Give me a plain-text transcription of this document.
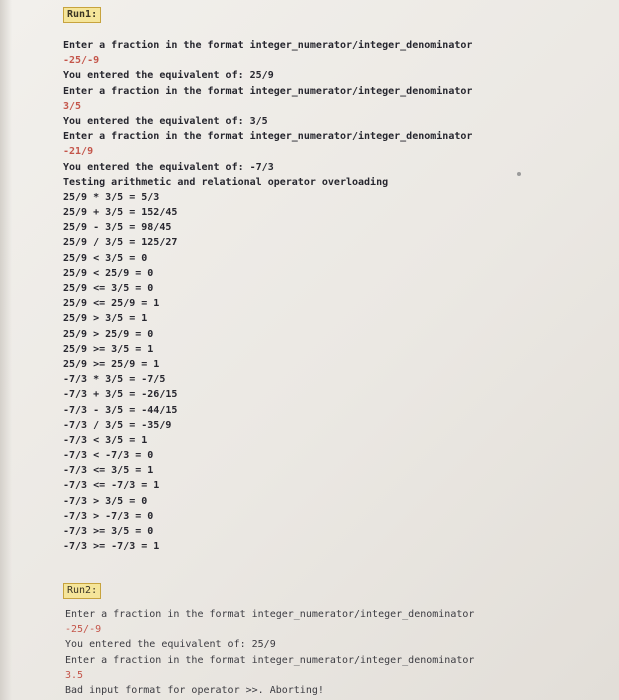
Run1:
Enter a fraction in the format integer_numerator/integer_denominator
-25/-9
You entered the equivalent of: 25/9
Enter a fraction in the format integer_numerator/integer_denominator
3/5
You entered the equivalent of: 3/5
Enter a fraction in the format integer_numerator/integer_denominator
-21/9
You entered the equivalent of: -7/3
Testing arithmetic and relational operator overloading
25/9 * 3/5 = 5/3
25/9 + 3/5 = 152/45
25/9 - 3/5 = 98/45
25/9 / 3/5 = 125/27
25/9 < 3/5 = 0
25/9 < 25/9 = 0
25/9 <= 3/5 = 0
25/9 <= 25/9 = 1
25/9 > 3/5 = 1
25/9 > 25/9 = 0
25/9 >= 3/5 = 1
25/9 >= 25/9 = 1
-7/3 * 3/5 = -7/5
-7/3 + 3/5 = -26/15
-7/3 - 3/5 = -44/15
-7/3 / 3/5 = -35/9
-7/3 < 3/5 = 1
-7/3 < -7/3 = 0
-7/3 <= 3/5 = 1
-7/3 <= -7/3 = 1
-7/3 > 3/5 = 0
-7/3 > -7/3 = 0
-7/3 >= 3/5 = 0
-7/3 >= -7/3 = 1
Run2:
Enter a fraction in the format integer_numerator/integer_denominator
-25/-9
You entered the equivalent of: 25/9
Enter a fraction in the format integer_numerator/integer_denominator
3.5
Bad input format for operator >>. Aborting!
